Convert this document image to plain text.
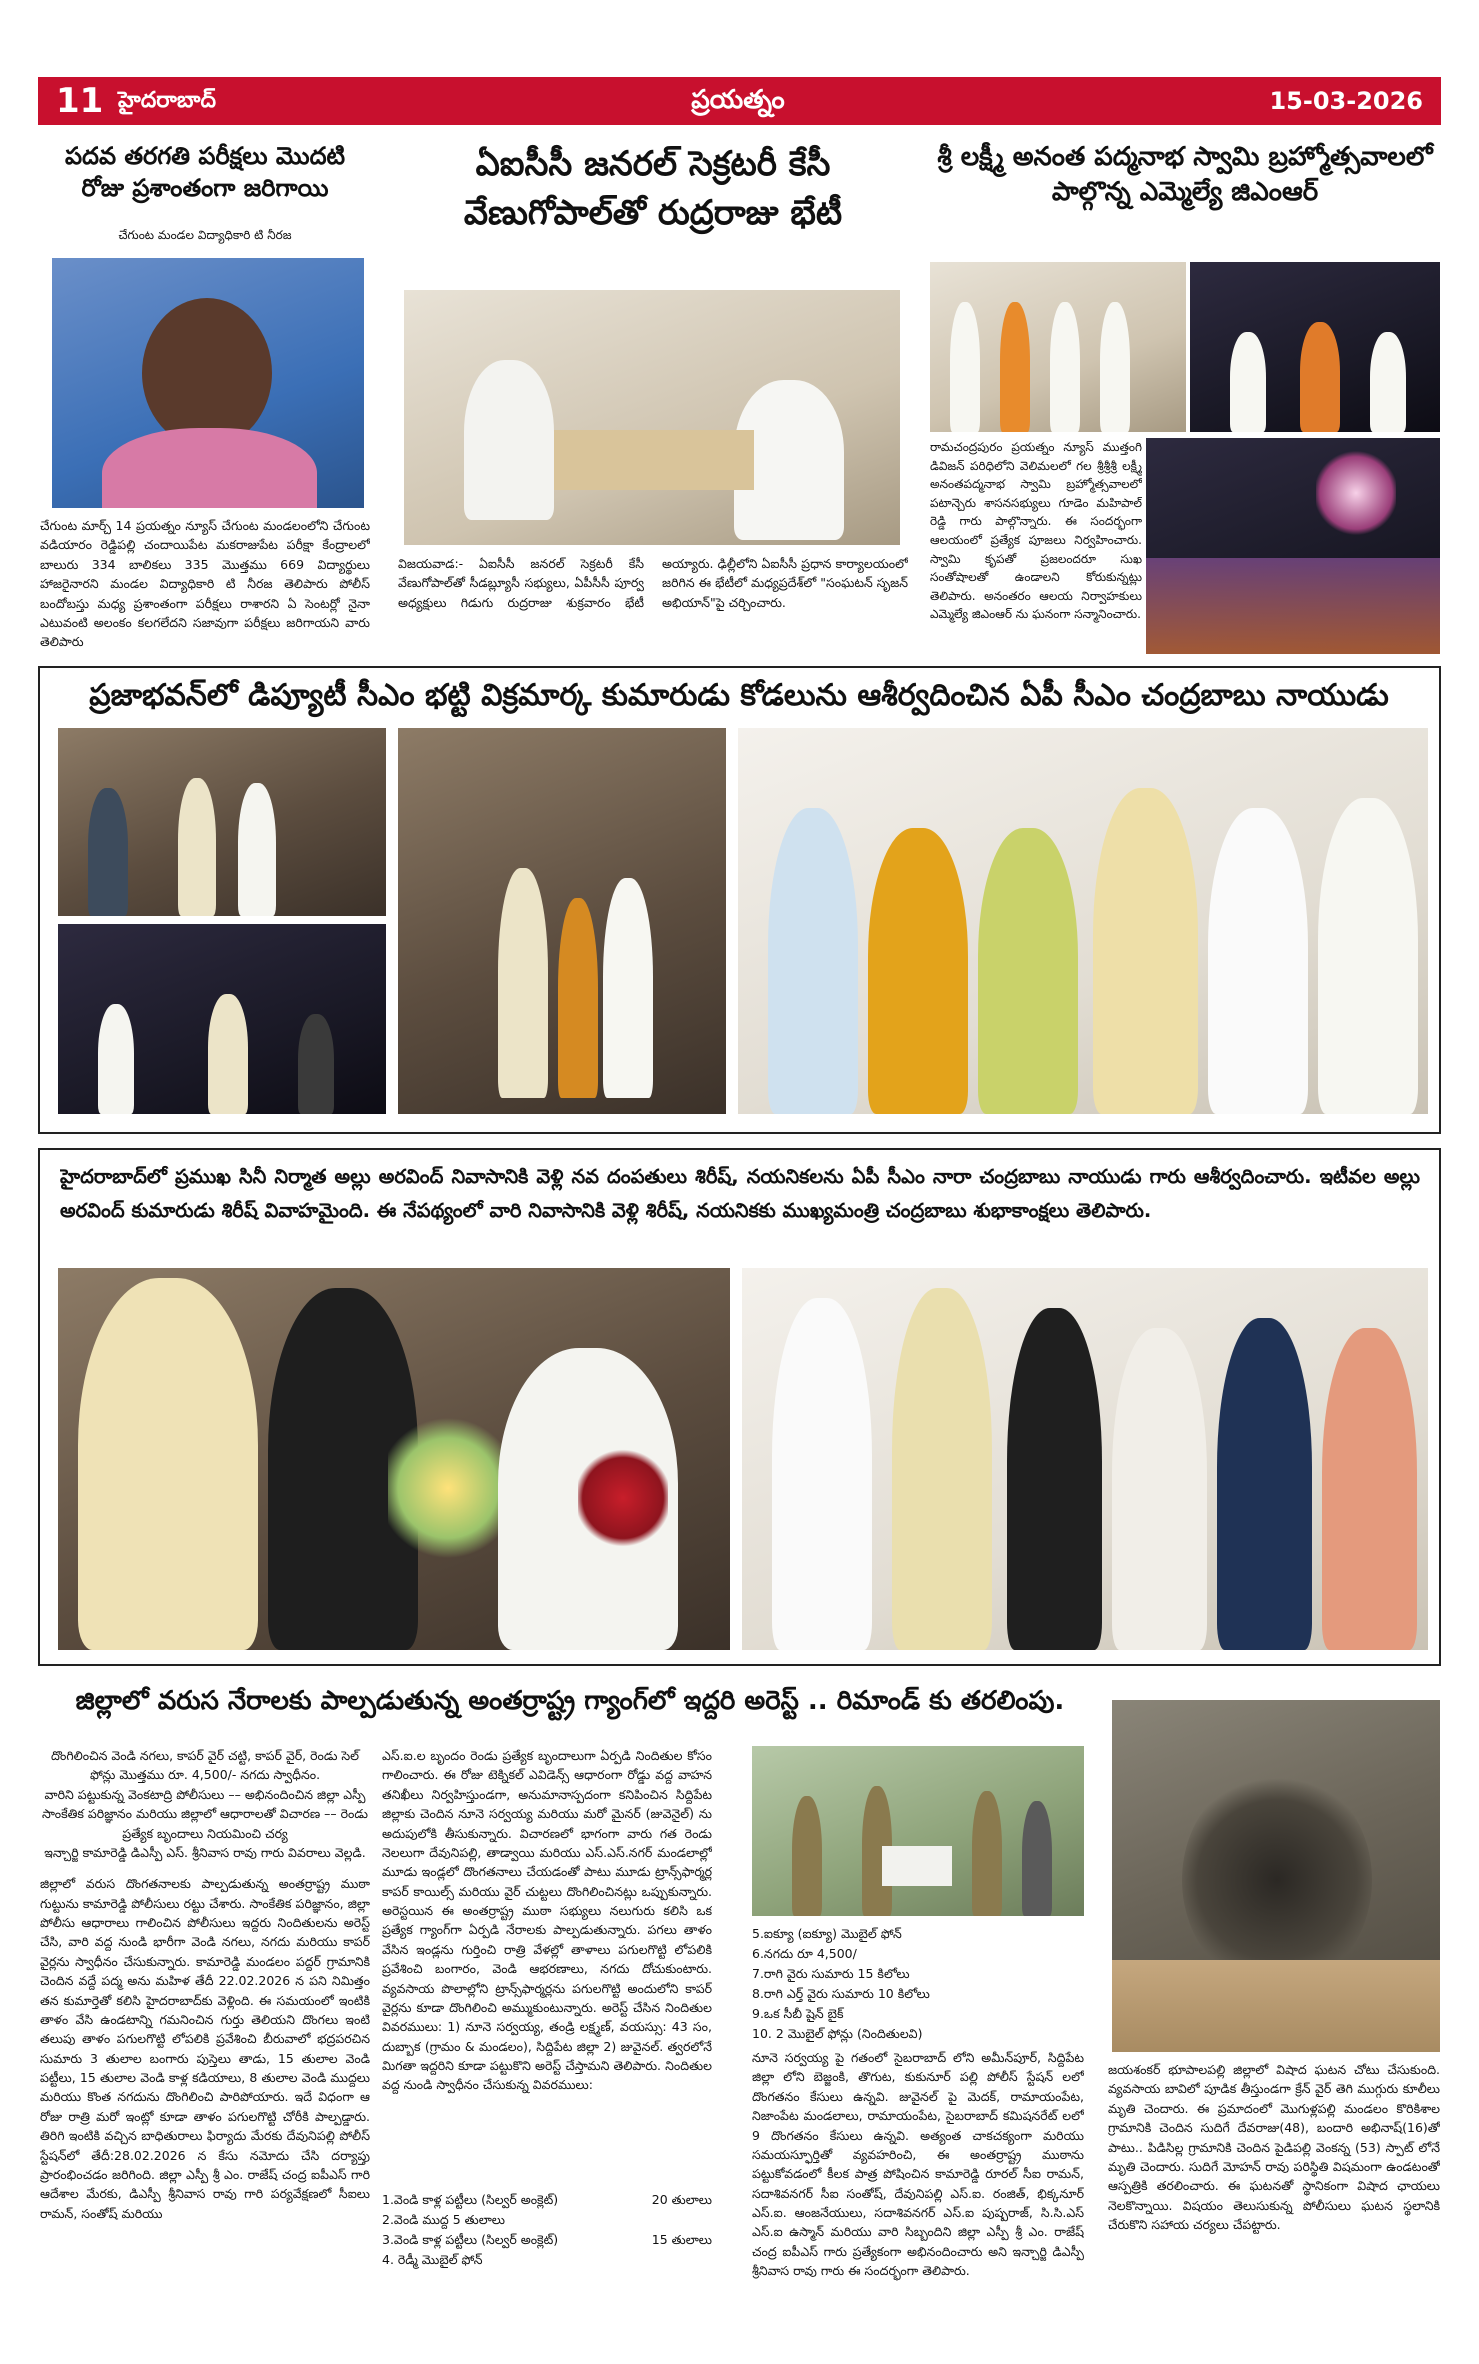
11 హైదరాబాద్	ప్రయత్నం	15-03-2026
పదవ తరగతి పరీక్షలు మొదటి రోజు ప్రశాంతంగా జరిగాయి
చేగుంట మండల విద్యాధికారి టి నీరజ
చేగుంట మార్చ్ 14 ప్రయత్నం న్యూస్ చేగుంట మండలంలోని చేగుంట వడియారం రెడ్డిపల్లి చందాయిపేట మకరాజుపేట పరీక్షా కేంద్రాలలో బాలురు 334 బాలికలు 335 మొత్తము 669 విద్యార్థులు హాజరైనారని మండల విద్యాధికారి టి నీరజ తెలిపారు పోలీస్ బందోబస్తు మధ్య ప్రశాంతంగా పరీక్షలు రాశారని ఏ సెంటర్లో నైనా ఎటువంటి అలంకం కలగలేదని సజావుగా పరీక్షలు జరిగాయని వారు తెలిపారు
ఏఐసీసీ జనరల్ సెక్రటరీ కేసీ వేణుగోపాల్‌తో రుద్రరాజు భేటీ
విజయవాడ:- ఏఐసీసీ జనరల్ సెక్రటరీ కేసీ వేణుగోపాల్‌తో సీడబ్ల్యూసీ సభ్యులు, ఏపీసీసీ పూర్వ అధ్యక్షులు గిడుగు రుద్రరాజు శుక్రవారం భేటీ అయ్యారు. ఢిల్లీలోని ఏఐసీసీ ప్రధాన కార్యాలయంలో జరిగిన ఈ భేటీలో మధ్యప్రదేశ్‌లో "సంఘటన్ సృజన్ అభియాన్"పై చర్చించారు.
శ్రీ లక్ష్మీ అనంత పద్మనాభ స్వామి బ్రహ్మోత్సవాలలో పాల్గొన్న ఎమ్మెల్యే జిఎంఆర్
రామచంద్రపురం ప్రయత్నం న్యూస్ ముత్తంగి డివిజన్ పరిధిలోని వెలిమలలో గల శ్రీశ్రీశ్రీ లక్ష్మీ అనంతపద్మనాభ స్వామి బ్రహ్మోత్సవాలలో పటాన్చెరు శాసనసభ్యులు గూడెం మహిపాల్ రెడ్డి గారు పాల్గొన్నారు. ఈ సందర్భంగా ఆలయంలో ప్రత్యేక పూజలు నిర్వహించారు. స్వామి కృపతో ప్రజలందరూ సుఖ సంతోషాలతో ఉండాలని కోరుకున్నట్లు తెలిపారు. అనంతరం ఆలయ నిర్వాహకులు ఎమ్మెల్యే జిఎంఆర్ ను ఘనంగా సన్మానించారు.
ప్రజాభవన్‌లో డిప్యూటీ సీఎం భట్టి విక్రమార్క కుమారుడు కోడలును ఆశీర్వదించిన ఏపీ సీఎం చంద్రబాబు నాయుడు
హైదరాబాద్‌లో ప్రముఖ సినీ నిర్మాత అల్లు అరవింద్ నివాసానికి వెళ్లి నవ దంపతులు శిరీష్, నయనికలను ఏపీ సీఎం నారా చంద్రబాబు నాయుడు గారు ఆశీర్వదించారు. ఇటీవల అల్లు అరవింద్ కుమారుడు శిరీష్ వివాహమైంది. ఈ నేపథ్యంలో వారి నివాసానికి వెళ్లి శిరీష్, నయనికకు ముఖ్యమంత్రి చంద్రబాబు శుభాకాంక్షలు తెలిపారు.
జిల్లాలో వరుస నేరాలకు పాల్పడుతున్న అంతర్రాష్ట్ర గ్యాంగ్‌లో ఇద్దరి అరెస్ట్ .. రిమాండ్ కు తరలింపు.
దొంగిలించిన వెండి నగలు, కాపర్ వైర్ చట్టి, కాపర్ వైర్, రెండు సెల్ ఫోన్లు మొత్తము రూ. 4,500/- నగదు స్వాధీనం.
వారిని పట్టుకున్న వెంకటాద్రి పోలీసులు –– అభినందించిన జిల్లా ఎస్పీ
సాంకేతిక పరిజ్ఞానం మరియు జిల్లాలో ఆధారాలతో విచారణ –– రెండు ప్రత్యేక బృందాలు నియమించి చర్య
ఇన్చార్జి కామారెడ్డి డిఎస్పీ ఎస్. శ్రీనివాస రావు గారు వివరాలు వెల్లడి.
జిల్లాలో వరుస దొంగతనాలకు పాల్పడుతున్న అంతర్రాష్ట్ర ముఠా గుట్టును కామారెడ్డి పోలీసులు రట్టు చేశారు. సాంకేతిక పరిజ్ఞానం, జిల్లా పోలీసు ఆధారాలు గాలించిన పోలీసులు ఇద్దరు నిందితులను అరెస్ట్ చేసి, వారి వద్ద నుండి భారీగా వెండి నగలు, నగదు మరియు కాపర్ వైర్లను స్వాధీనం చేసుకున్నారు. కామారెడ్డి మండలం పద్దర్ గ్రామానికి చెందిన వద్దే పద్మ అను మహిళ తేదీ 22.02.2026 న పని నిమిత్తం తన కుమార్తెతో కలిసి హైదరాబాద్‌కు వెళ్లింది. ఈ సమయంలో ఇంటికి తాళం వేసి ఉండటాన్ని గమనించిన గుర్తు తెలియని దొంగలు ఇంటి తలుపు తాళం పగులగొట్టి లోపలికి ప్రవేశించి బీరువాలో భద్రపరచిన సుమారు 3 తులాల బంగారు పుస్తెలు తాడు, 15 తులాల వెండి పట్టీలు, 15 తులాల వెండి కాళ్ల కడియాలు, 8 తులాల వెండి ముద్దలు మరియు కొంత నగదును దొంగిలించి పారిపోయారు. ఇదే విధంగా ఆ రోజు రాత్రి మరో ఇంట్లో కూడా తాళం పగులగొట్టి చోరీకి పాల్పడ్డారు. తిరిగి ఇంటికి వచ్చిన బాధితురాలు ఫిర్యాదు మేరకు దేవునిపల్లి పోలీస్ స్టేషన్‌లో తేదీ:28.02.2026 న కేసు నమోదు చేసి దర్యాప్తు ప్రారంభించడం జరిగింది. జిల్లా ఎస్పీ శ్రీ ఎం. రాజేష్ చంద్ర ఐపీఎస్ గారి ఆదేశాల మేరకు, డిఎస్పీ శ్రీనివాస రావు గారి పర్యవేక్షణలో సీఐలు రామన్, సంతోష్ మరియు
ఎస్.ఐ.ల బృందం రెండు ప్రత్యేక బృందాలుగా ఏర్పడి నిందితుల కోసం గాలించారు. ఈ రోజు టెక్నికల్ ఎవిడెన్స్ ఆధారంగా రోడ్డు వద్ద వాహన తనిఖీలు నిర్వహిస్తుండగా, అనుమానాస్పదంగా కనిపించిన సిద్దిపేట జిల్లాకు చెందిన నూనె సర్వయ్య మరియు మరో మైనర్ (జువెనైల్) ను అదుపులోకి తీసుకున్నారు. విచారణలో భాగంగా వారు గత రెండు నెలలుగా దేవునిపల్లి, తాడ్వాయి మరియు ఎస్.ఎస్.నగర్ మండలాల్లో మూడు ఇండ్లలో దొంగతనాలు చేయడంతో పాటు మూడు ట్రాన్స్‌ఫార్మర్ల కాపర్ కాయిల్స్ మరియు వైర్ చుట్టలు దొంగిలించినట్లు ఒప్పుకున్నారు. అరెస్టయిన ఈ అంతర్రాష్ట్ర ముఠా సభ్యులు నలుగురు కలిసి ఒక ప్రత్యేక గ్యాంగ్‌గా ఏర్పడి నేరాలకు పాల్పడుతున్నారు. పగలు తాళం వేసిన ఇండ్లను గుర్తించి రాత్రి వేళల్లో తాళాలు పగులగొట్టి లోపలికి ప్రవేశించి బంగారం, వెండి ఆభరణాలు, నగదు దోచుకుంటారు. వ్యవసాయ పొలాల్లోని ట్రాన్స్‌ఫార్మర్లను పగులగొట్టి అందులోని కాపర్ వైర్లను కూడా దొంగిలించి అమ్ముకుంటున్నారు. అరెస్ట్ చేసిన నిందితుల వివరములు: 1) నూనె సర్వయ్య, తండ్రి లక్ష్మణ్, వయస్సు: 43 సం, దుబ్బాక (గ్రామం & మండలం), సిద్దిపేట జిల్లా 2) జువైనల్. త్వరలోనే మిగతా ఇద్దరిని కూడా పట్టుకొని అరెస్ట్ చేస్తామని తెలిపారు. నిందితుల వద్ద నుండి స్వాధీనం చేసుకున్న వివరములు:
1.వెండి కాళ్ల పట్టీలు (సిల్వర్ అంక్లెట్)	20 తులాలు
2.వెండి ముద్ద 5 తులాలు
3.వెండి కాళ్ల పట్టీలు (సిల్వర్ అంక్లెట్)	15 తులాలు
4. రెడ్మీ మొబైల్ ఫోన్
5.ఐక్యూ (ఐక్యూ) మొబైల్ ఫోన్
6.నగదు రూ 4,500/
7.రాగి వైరు సుమారు 15 కిలోలు
8.రాగి ఎర్త్ వైరు సుమారు 10 కిలోలు
9.ఒక సీబీ షైన్ బైక్
10. 2 మొబైల్ ఫోన్లు (నిందితులవి)
నూనె సర్వయ్య పై గతంలో సైబరాబాద్ లోని అమీన్‌పూర్, సిద్దిపేట జిల్లా లోని బెజ్జంకి, తొగుట, కుకునూర్ పల్లి పోలీస్ స్టేషన్ లలో దొంగతనం కేసులు ఉన్నవి. జువైనల్ పై మెదక్, రామాయంపేట, నిజాంపేట మండలాలు, రామాయంపేట, సైబరాబాద్ కమిషనరేట్ లలో 9 దొంగతనం కేసులు ఉన్నవి. అత్యంత చాకచక్యంగా మరియు సమయస్ఫూర్తితో వ్యవహరించి, ఈ అంతర్రాష్ట్ర ముఠాను పట్టుకోవడంలో కీలక పాత్ర పోషించిన కామారెడ్డి రూరల్ సీఐ రామన్, సదాశివనగర్ సీఐ సంతోష్, దేవునిపల్లి ఎస్.ఐ. రంజిత్, భిక్కనూర్ ఎస్.ఐ. ఆంజనేయులు, సదాశివనగర్ ఎస్.ఐ పుష్పరాజ్, సి.సి.ఎస్ ఎస్.ఐ ఉస్మాన్ మరియు వారి సిబ్బందిని జిల్లా ఎస్పీ శ్రీ ఎం. రాజేష్ చంద్ర ఐపీఎస్ గారు ప్రత్యేకంగా అభినందించారు అని ఇన్చార్జి డిఎస్పీ శ్రీనివాస రావు గారు ఈ సందర్భంగా తెలిపారు.
జయశంకర్ భూపాలపల్లి జిల్లాలో విషాద ఘటన చోటు చేసుకుంది. వ్యవసాయ బావిలో పూడిక తీస్తుండగా క్రేన్ వైర్ తెగి ముగ్గురు కూలీలు మృతి చెందారు. ఈ ప్రమాదంలో మొగుళ్లపల్లి మండలం కొరికిశాల గ్రామానికి చెందిన సుదిగే దేవరాజు(48), బందారి అభినాష్(16)తో పాటు.. పిడిసిల్ల గ్రామానికి చెందిన పైడిపల్లి వెంకన్న (53) స్పాట్ లోనే మృతి చెందారు. సుదిగే మోహన్ రావు పరిస్థితి విషమంగా ఉండటంతో ఆస్పత్రికి తరలించారు. ఈ ఘటనతో స్థానికంగా విషాద ఛాయలు నెలకొన్నాయి. విషయం తెలుసుకున్న పోలీసులు ఘటన స్థలానికి చేరుకొని సహాయ చర్యలు చేపట్టారు.
